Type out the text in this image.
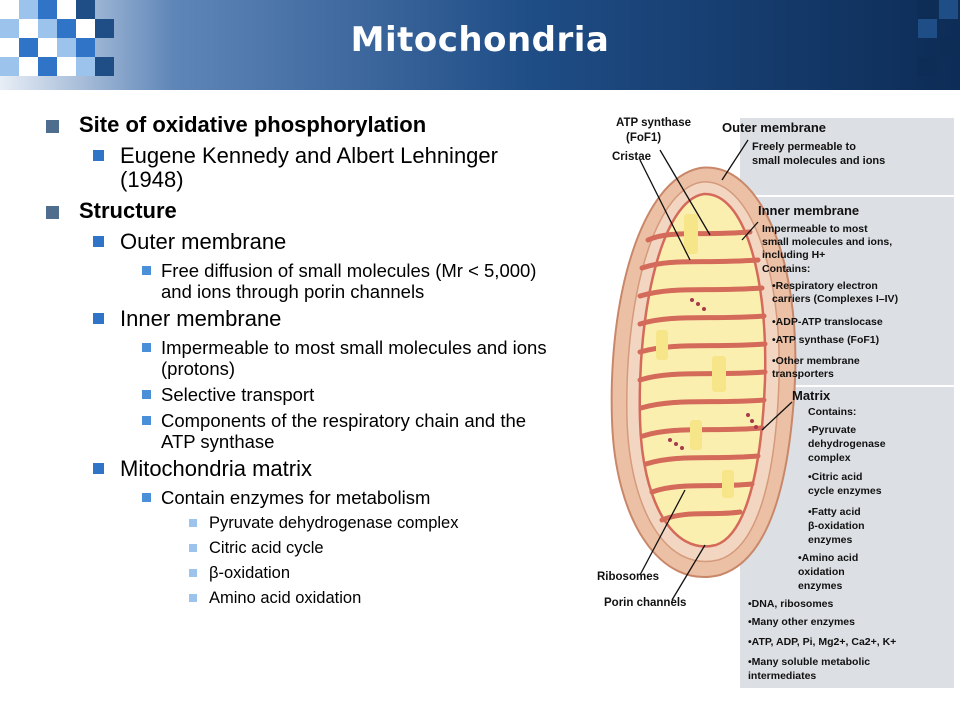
Mitochondria
Site of oxidative phosphorylation
Eugene Kennedy and Albert Lehninger (1948)
Structure
Outer membrane
Free diffusion of small molecules (Mr < 5,000) and ions through porin channels
Inner membrane
Impermeable to most small molecules and ions (protons)
Selective transport
Components of the respiratory chain and the ATP synthase
Mitochondria matrix
Contain enzymes for metabolism
Pyruvate dehydrogenase complex
Citric acid cycle
β-oxidation
Amino acid oxidation
ATP synthase
(FoF1)
Cristae
Ribosomes
Porin channels
Outer membrane
Freely permeable to
small molecules and ions
Inner membrane
Impermeable to most
small molecules and ions,
including H+
Contains:
•Respiratory electron
carriers (Complexes I–IV)
•ADP-ATP translocase
•ATP synthase (FoF1)
•Other membrane
transporters
Matrix
Contains:
•Pyruvate
dehydrogenase
complex
•Citric acid
cycle enzymes
•Fatty acid
β-oxidation
enzymes
•Amino acid
oxidation
enzymes
•DNA, ribosomes
•Many other enzymes
•ATP, ADP, Pi, Mg2+, Ca2+, K+
•Many soluble metabolic
intermediates
